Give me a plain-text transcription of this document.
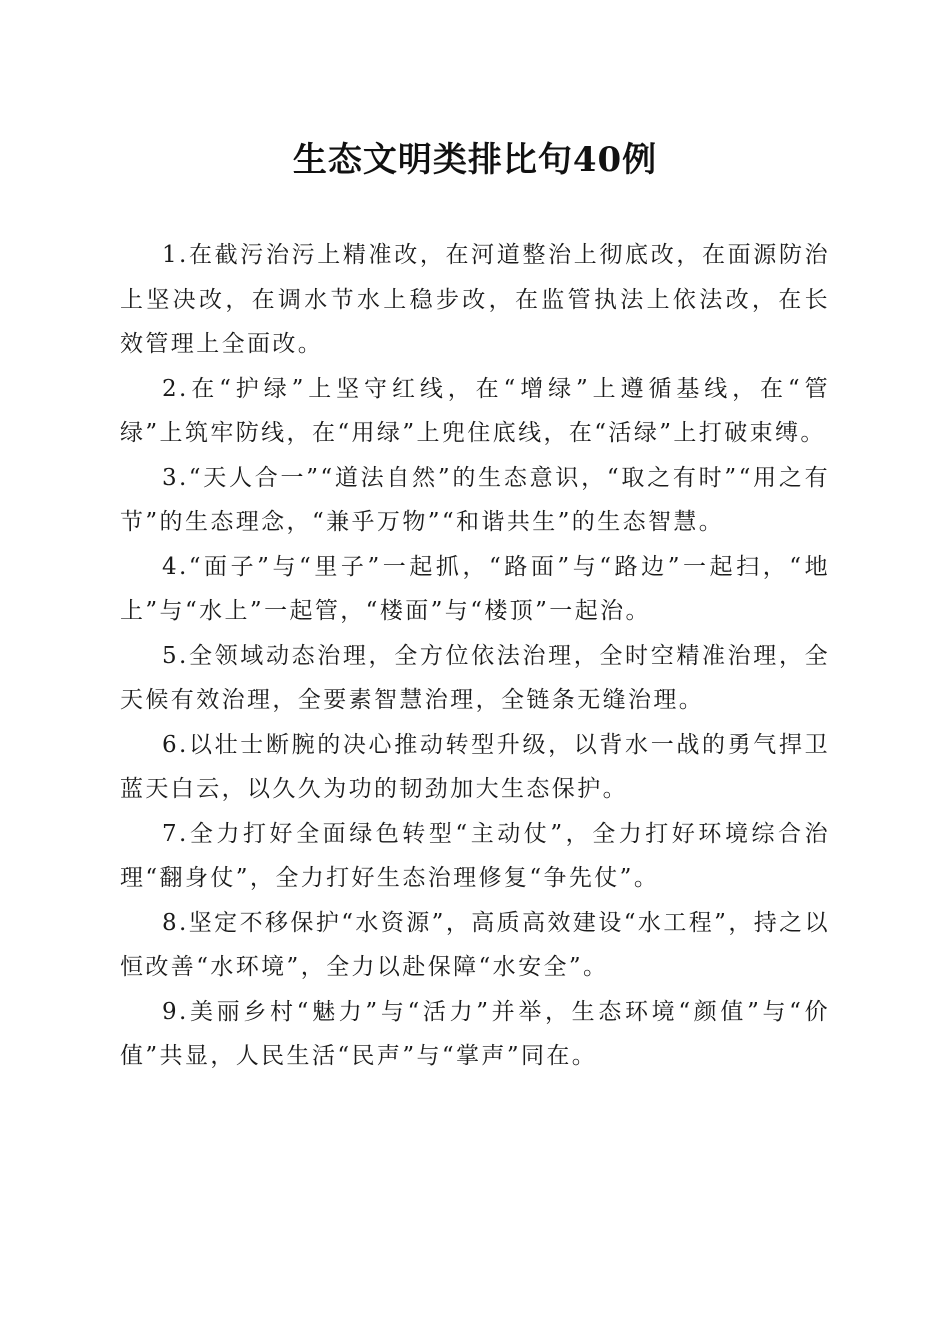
生态文明类排比句40例

1.在截污治污上精准改，在河道整治上彻底改，在面源防治上坚决改，在调水节水上稳步改，在监管执法上依法改，在长效管理上全面改。

2.在“护绿”上坚守红线，在“增绿”上遵循基线，在“管绿”上筑牢防线，在“用绿”上兜住底线，在“活绿”上打破束缚。

3.“天人合一”“道法自然”的生态意识，“取之有时”“用之有节”的生态理念，“兼乎万物”“和谐共生”的生态智慧。

4.“面子”与“里子”一起抓，“路面”与“路边”一起扫，“地上”与“水上”一起管，“楼面”与“楼顶”一起治。

5.全领域动态治理，全方位依法治理，全时空精准治理，全天候有效治理，全要素智慧治理，全链条无缝治理。

6.以壮士断腕的决心推动转型升级，以背水一战的勇气捍卫蓝天白云，以久久为功的韧劲加大生态保护。

7.全力打好全面绿色转型“主动仗”，全力打好环境综合治理“翻身仗”，全力打好生态治理修复“争先仗”。

8.坚定不移保护“水资源”，高质高效建设“水工程”，持之以恒改善“水环境”，全力以赴保障“水安全”。

9.美丽乡村“魅力”与“活力”并举，生态环境“颜值”与“价值”共显，人民生活“民声”与“掌声”同在。
